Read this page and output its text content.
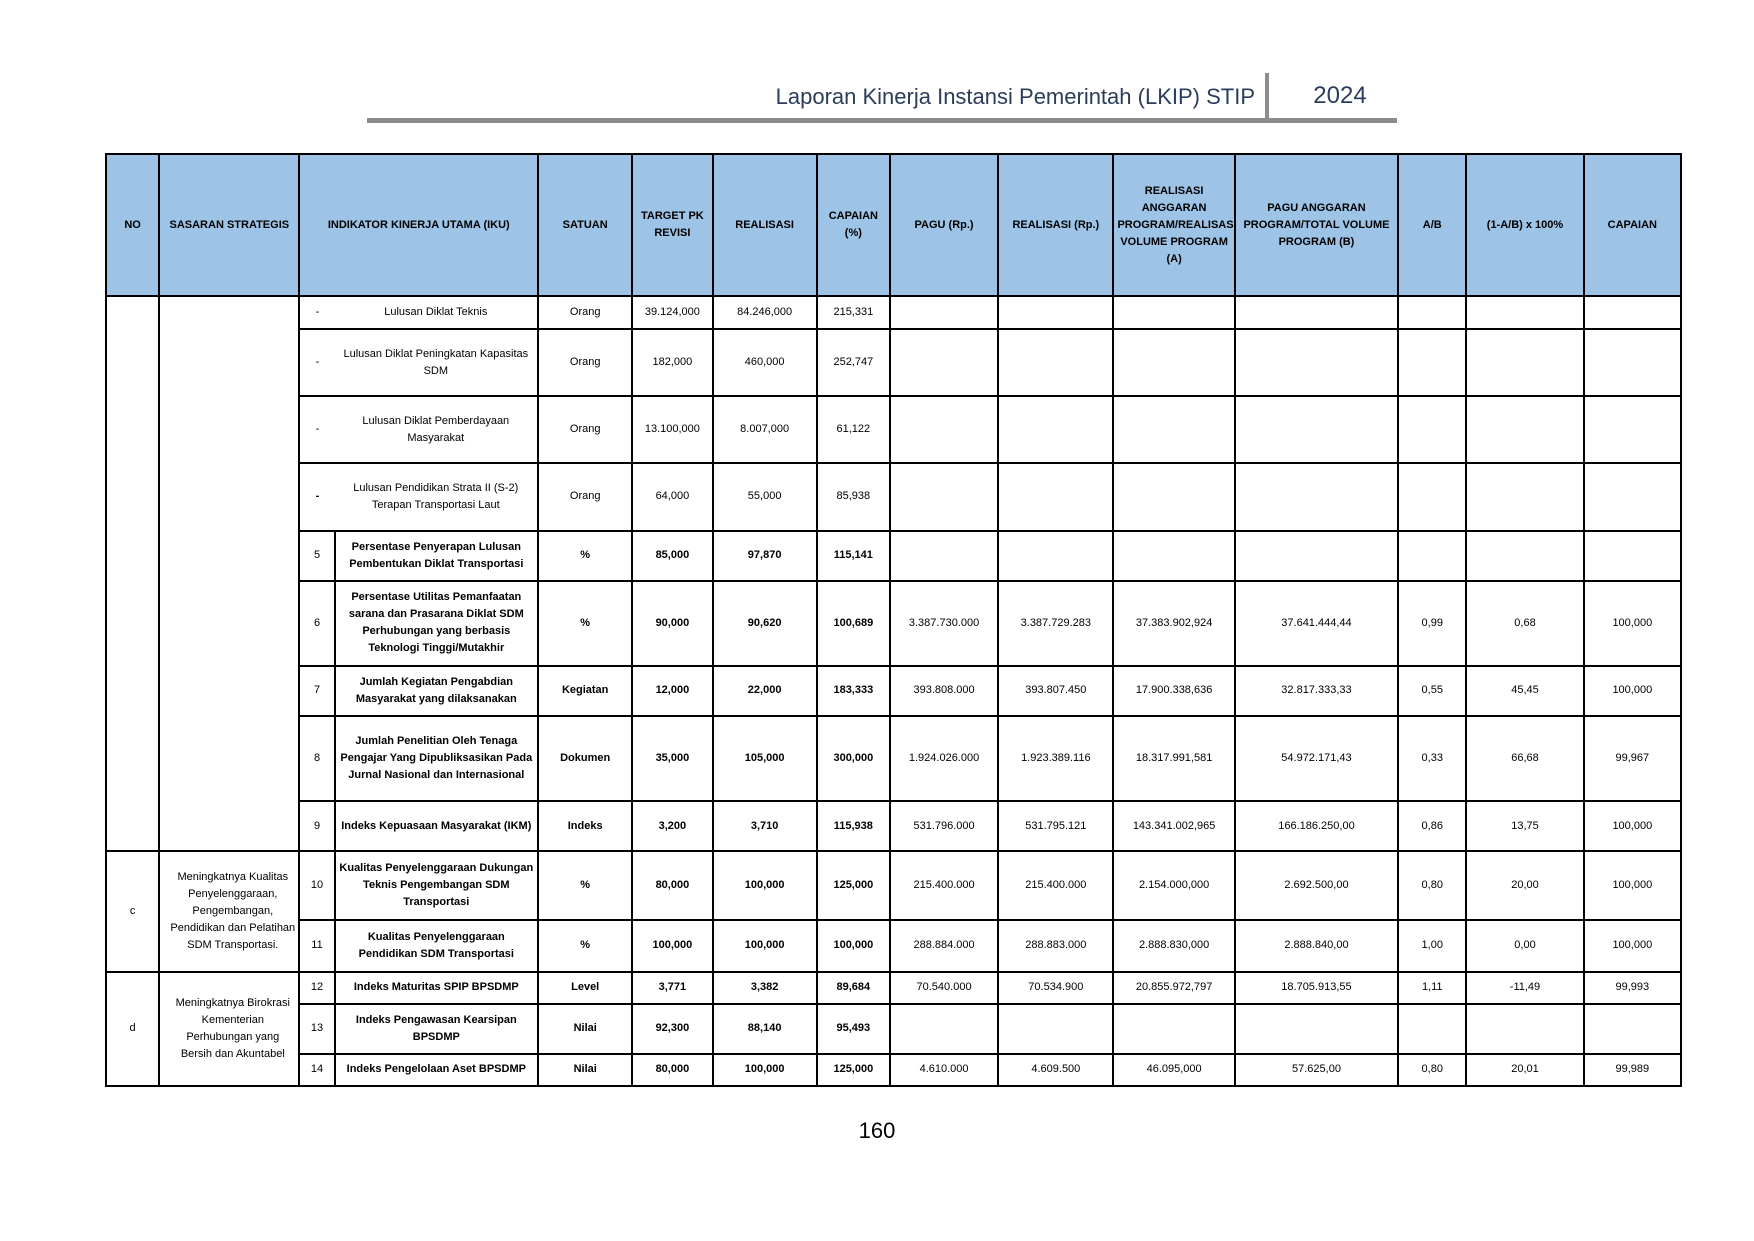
Laporan Kinerja Instansi Pemerintah (LKIP) STIP	2024
NO	SASARAN STRATEGIS	INDIKATOR KINERJA UTAMA (IKU)		SATUAN	TARGET PK REVISI	REALISASI	CAPAIAN (%)	PAGU (Rp.)	REALISASI (Rp.)	REALISASI ANGGARAN PROGRAM/REALISASI VOLUME PROGRAM (A)	PAGU ANGGARAN PROGRAM/TOTAL VOLUME PROGRAM (B)	A/B	(1-A/B) x 100%	CAPAIAN
		-	Lulusan Diklat Teknis	Orang	39.124,000	84.246,000	215,331							
		-	Lulusan Diklat Peningkatan Kapasitas SDM	Orang	182,000	460,000	252,747							
		-	Lulusan Diklat Pemberdayaan Masyarakat	Orang	13.100,000	8.007,000	61,122							
		-	Lulusan Pendidikan Strata II (S-2) Terapan Transportasi Laut	Orang	64,000	55,000	85,938							
		5	Persentase Penyerapan Lulusan Pembentukan Diklat Transportasi	%	85,000	97,870	115,141							
		6	Persentase Utilitas Pemanfaatan sarana dan Prasarana Diklat SDM Perhubungan yang berbasis Teknologi Tinggi/Mutakhir	%	90,000	90,620	100,689	3.387.730.000	3.387.729.283	37.383.902,924	37.641.444,44	0,99	0,68	100,000
		7	Jumlah Kegiatan Pengabdian Masyarakat yang dilaksanakan	Kegiatan	12,000	22,000	183,333	393.808.000	393.807.450	17.900.338,636	32.817.333,33	0,55	45,45	100,000
		8	Jumlah Penelitian Oleh Tenaga Pengajar Yang Dipubliksasikan Pada Jurnal Nasional dan Internasional	Dokumen	35,000	105,000	300,000	1.924.026.000	1.923.389.116	18.317.991,581	54.972.171,43	0,33	66,68	99,967
		9	Indeks Kepuasaan Masyarakat (IKM)	Indeks	3,200	3,710	115,938	531.796.000	531.795.121	143.341.002,965	166.186.250,00	0,86	13,75	100,000
c	Meningkatnya Kualitas Penyelenggaraan, Pengembangan, Pendidikan dan Pelatihan SDM Transportasi.	10	Kualitas Penyelenggaraan Dukungan Teknis Pengembangan SDM Transportasi	%	80,000	100,000	125,000	215.400.000	215.400.000	2.154.000,000	2.692.500,00	0,80	20,00	100,000
		11	Kualitas Penyelenggaraan Pendidikan SDM Transportasi	%	100,000	100,000	100,000	288.884.000	288.883.000	2.888.830,000	2.888.840,00	1,00	0,00	100,000
d	Meningkatnya Birokrasi Kementerian Perhubungan yang Bersih dan Akuntabel	12	Indeks Maturitas SPIP BPSDMP	Level	3,771	3,382	89,684	70.540.000	70.534.900	20.855.972,797	18.705.913,55	1,11	-11,49	99,993
		13	Indeks Pengawasan Kearsipan BPSDMP	Nilai	92,300	88,140	95,493							
		14	Indeks Pengelolaan Aset BPSDMP	Nilai	80,000	100,000	125,000	4.610.000	4.609.500	46.095,000	57.625,00	0,80	20,01	99,989
160
